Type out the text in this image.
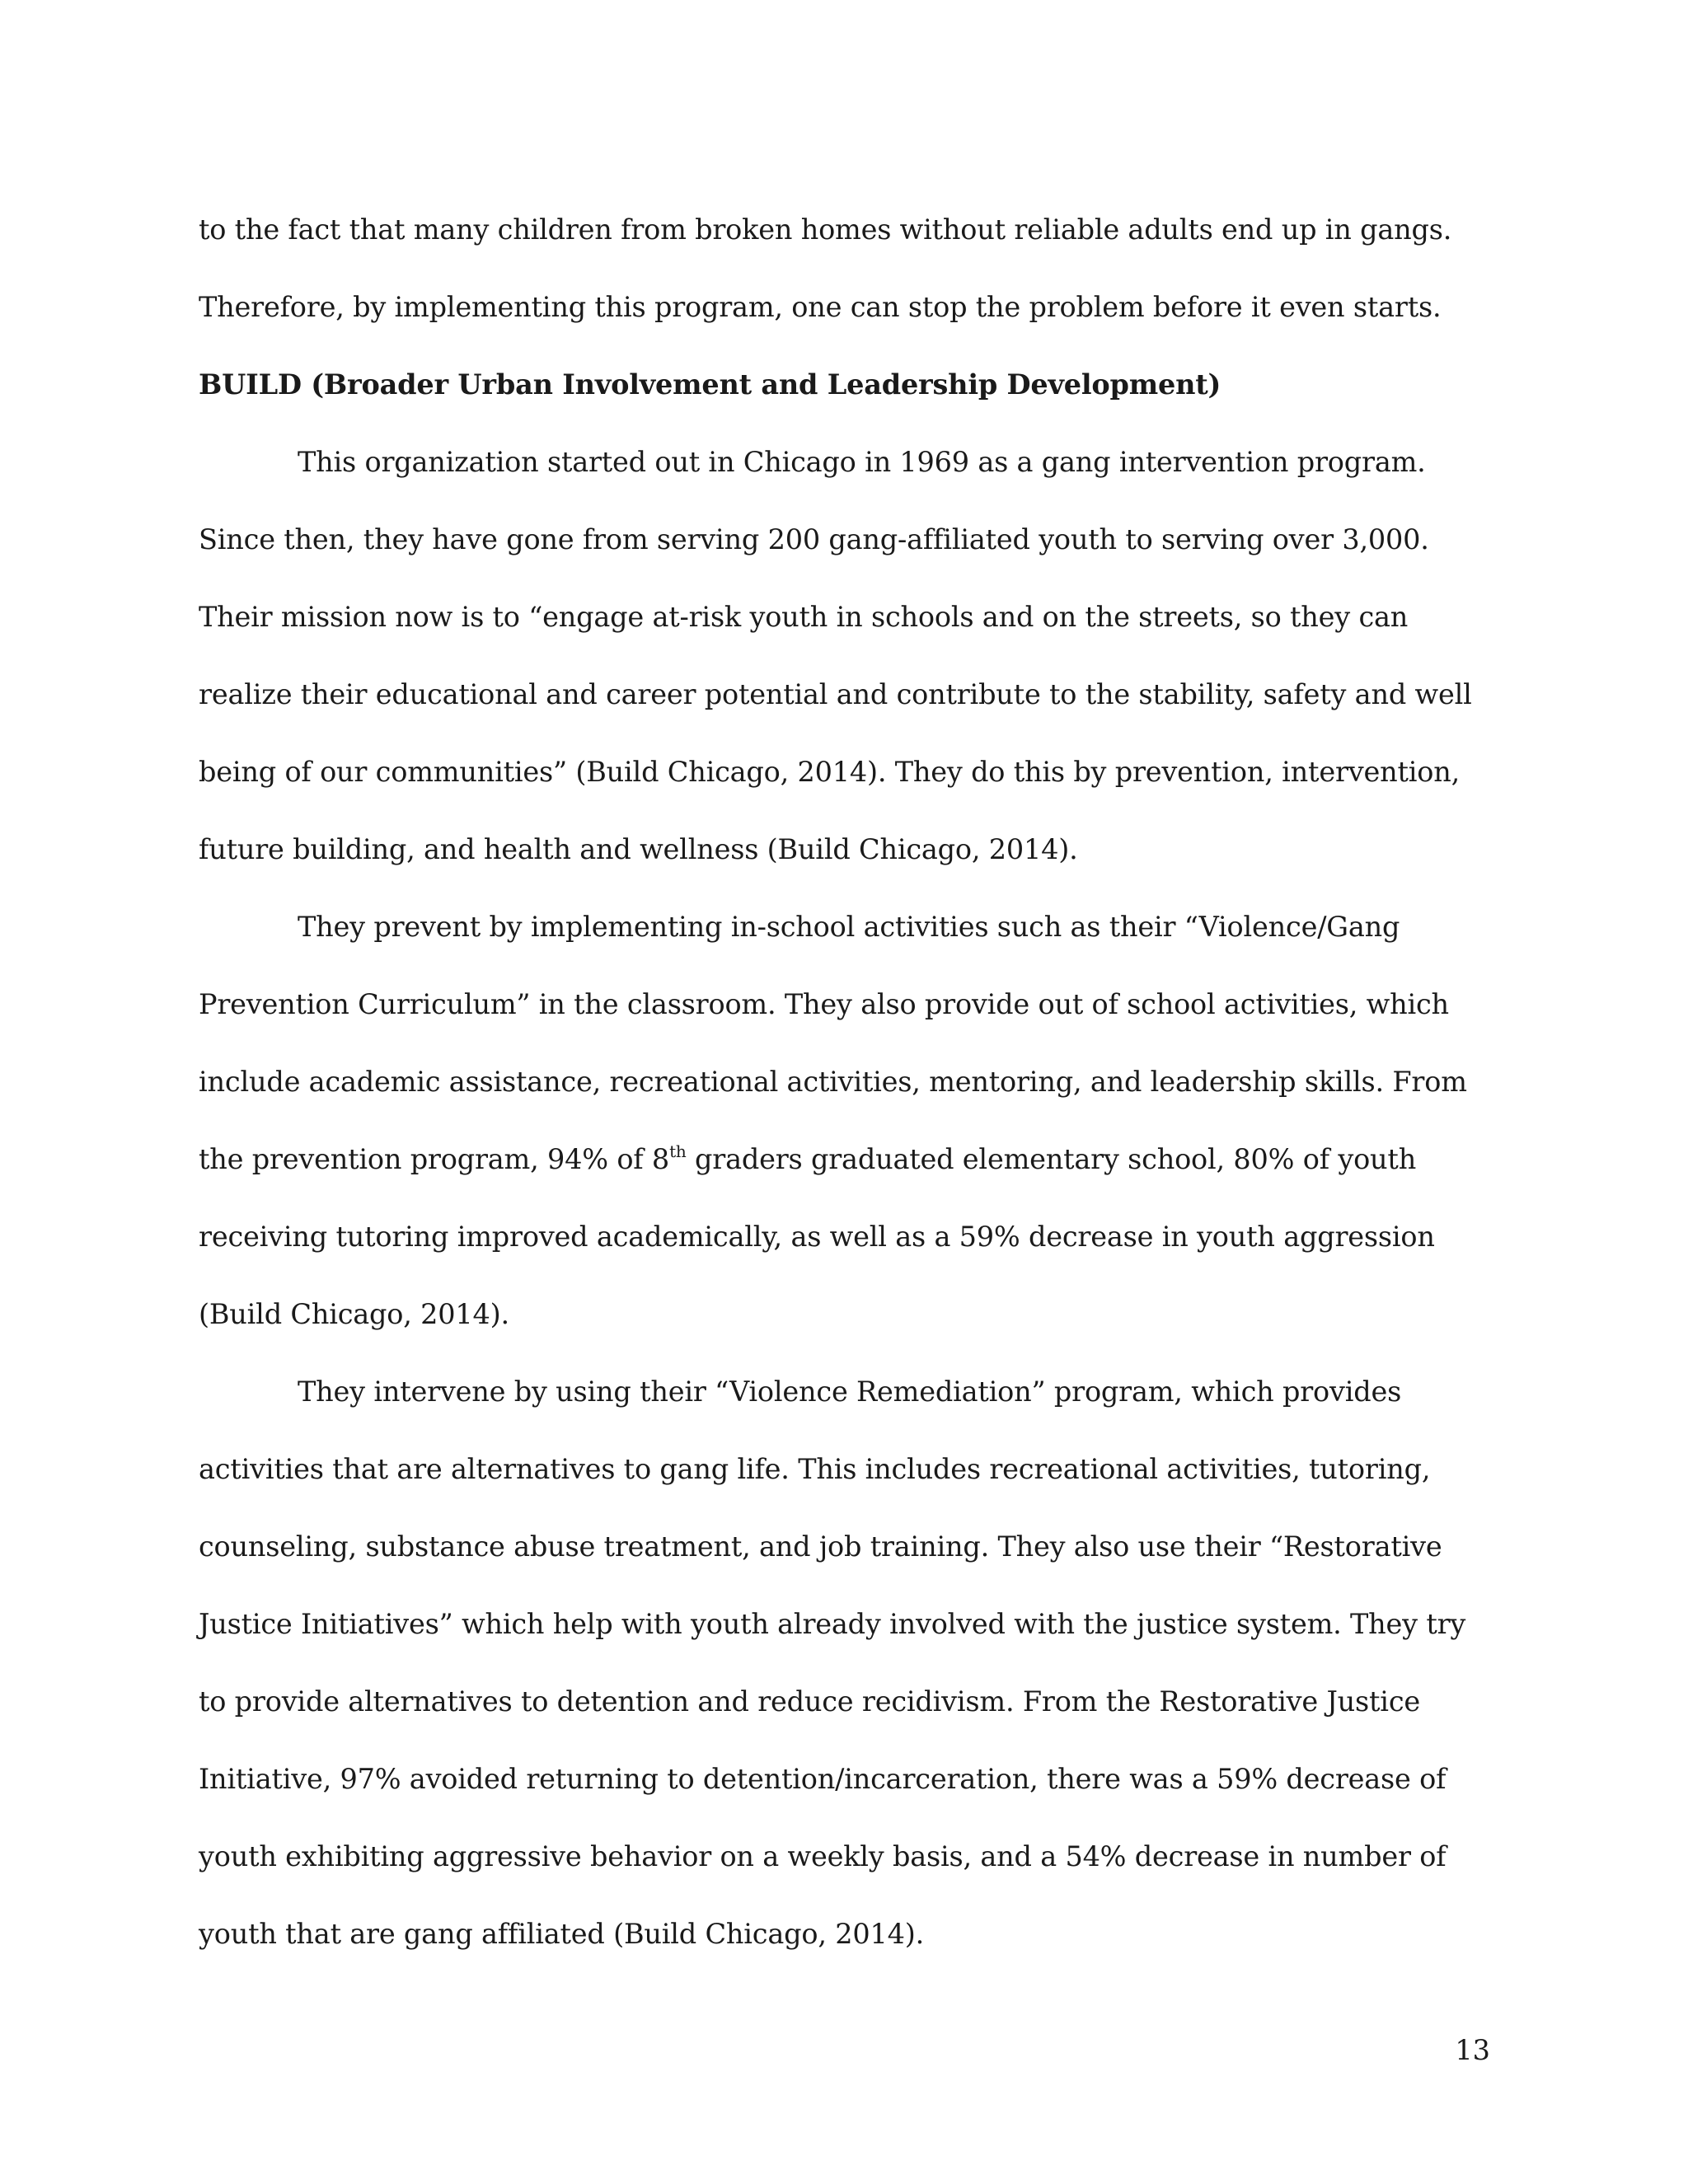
to the fact that many children from broken homes without reliable adults end up in gangs.

Therefore, by implementing this program, one can stop the problem before it even starts.

BUILD (Broader Urban Involvement and Leadership Development)

This organization started out in Chicago in 1969 as a gang intervention program.

Since then, they have gone from serving 200 gang-affiliated youth to serving over 3,000.

Their mission now is to “engage at-risk youth in schools and on the streets, so they can

realize their educational and career potential and contribute to the stability, safety and well

being of our communities” (Build Chicago, 2014). They do this by prevention, intervention,

future building, and health and wellness (Build Chicago, 2014).

They prevent by implementing in-school activities such as their “Violence/Gang

Prevention Curriculum” in the classroom. They also provide out of school activities, which

include academic assistance, recreational activities, mentoring, and leadership skills. From

the prevention program, 94% of 8th graders graduated elementary school, 80% of youth

receiving tutoring improved academically, as well as a 59% decrease in youth aggression

(Build Chicago, 2014).

They intervene by using their “Violence Remediation” program, which provides

activities that are alternatives to gang life. This includes recreational activities, tutoring,

counseling, substance abuse treatment, and job training. They also use their “Restorative

Justice Initiatives” which help with youth already involved with the justice system. They try

to provide alternatives to detention and reduce recidivism. From the Restorative Justice

Initiative, 97% avoided returning to detention/incarceration, there was a 59% decrease of

youth exhibiting aggressive behavior on a weekly basis, and a 54% decrease in number of

youth that are gang affiliated (Build Chicago, 2014).

13
